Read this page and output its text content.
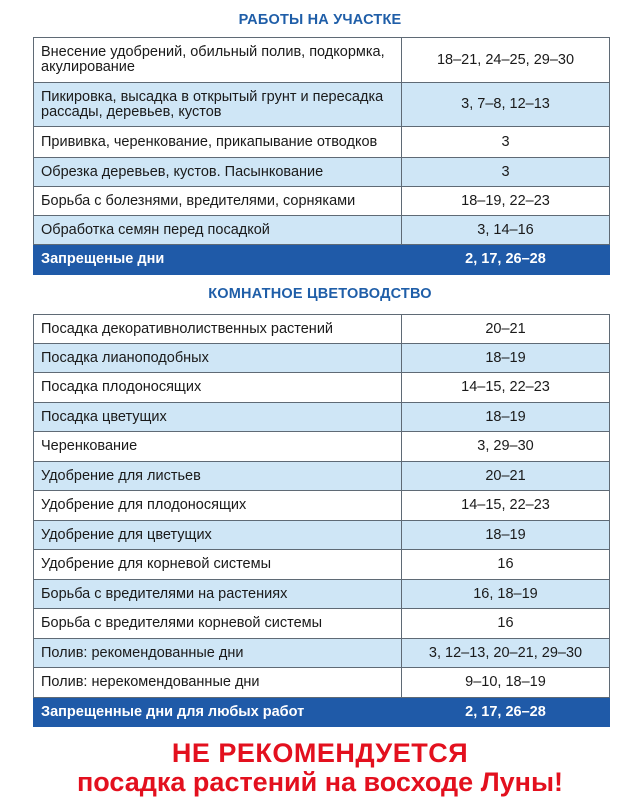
РАБОТЫ НА УЧАСТКЕ
Внесение удобрений, обильный полив, подкормка, акулирование	18–21, 24–25, 29–30
Пикировка, высадка в открытый грунт и пересадка рассады, деревьев, кустов	3, 7–8, 12–13
Прививка, черенкование, прикапывание отводков	3
Обрезка деревьев, кустов. Пасынкование	3
Борьба с болезнями, вредителями, сорняками	18–19, 22–23
Обработка семян перед посадкой	3, 14–16
Запрещеные дни	2, 17, 26–28
КОМНАТНОЕ ЦВЕТОВОДСТВО
Посадка декоративнолиственных растений	20–21
Посадка лианоподобных	18–19
Посадка плодоносящих	14–15, 22–23
Посадка цветущих	18–19
Черенкование	3, 29–30
Удобрение для листьев	20–21
Удобрение для плодоносящих	14–15, 22–23
Удобрение для цветущих	18–19
Удобрение для корневой системы	16
Борьба с вредителями на растениях	16, 18–19
Борьба с вредителями корневой системы	16
Полив: рекомендованные дни	3, 12–13, 20–21, 29–30
Полив: нерекомендованные дни	9–10, 18–19
Запрещенные дни для любых работ	2, 17, 26–28
НЕ РЕКОМЕНДУЕТСЯ
посадка растений на восходе Луны!
